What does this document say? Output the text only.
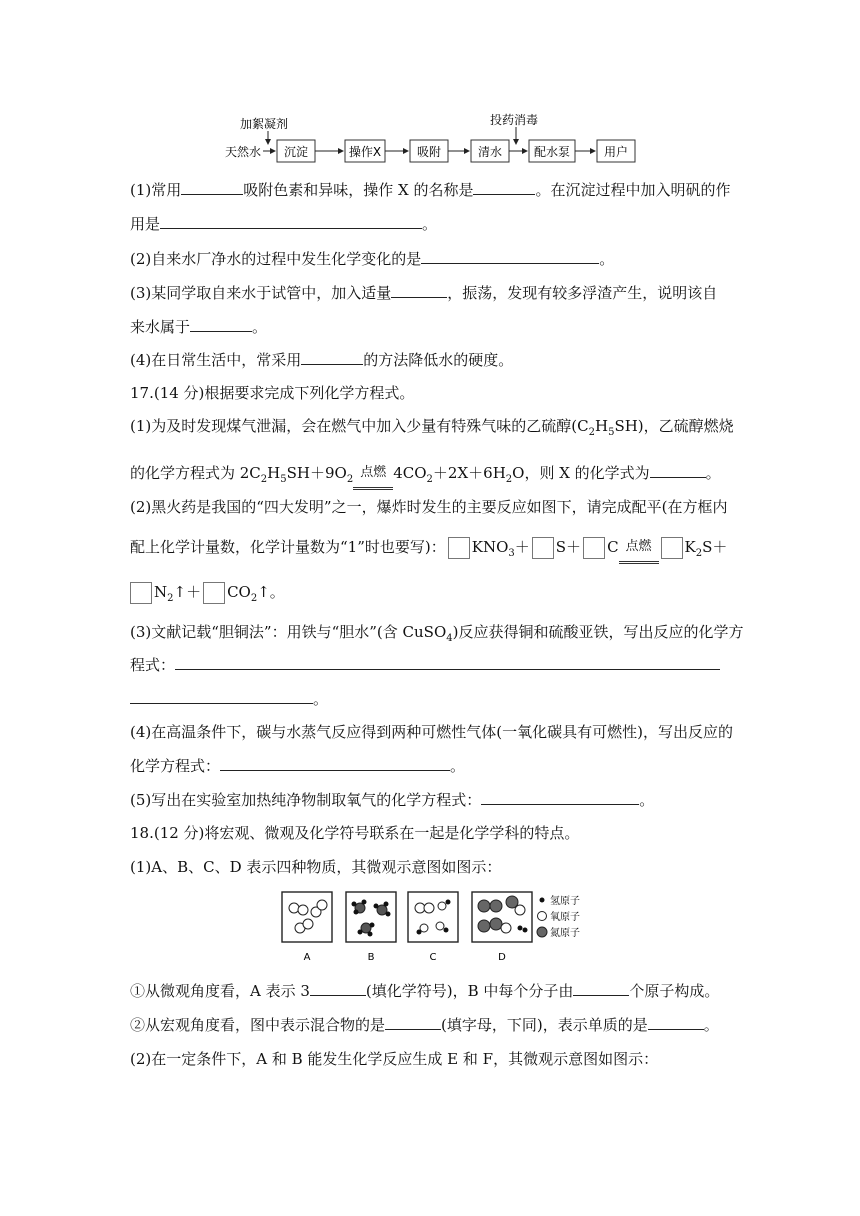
加絮凝剂	投药消毒
天然水 沉淀	操作X	吸附	清水	配水泵	用户
(1)常用	吸附色素和异味，操作 X 的名称是	。在沉淀过程中加入明矾的作
用是	。
(2)自来水厂净水的过程中发生化学变化的是	。
(3)某同学取自来水于试管中，加入适量	，振荡，发现有较多浮渣产生，说明该自
来水属于	。
(4)在日常生活中，常采用	的方法降低水的硬度。
17.(14 分)根据要求完成下列化学方程式。
(1)为及时发现煤气泄漏，会在燃气中加入少量有特殊气味的乙硫醇$(C_2H_5SH)$，乙硫醇燃烧
的化学方程式为 $2C_2H_5SH+9O_2$ 点燃 $4CO_2+2X+6H_2O$，则 X 的化学式为	。
(2)黑火药是我国的“四大发明”之一，爆炸时发生的主要反应如图下，请完成配平(在方框内
配上化学计量数，化学计量数为“1”时也要写)： $KNO_3+ S+ C$ 点燃	$K_2S+$
$N_2↑+$ $CO_2↑$。
(3)文献记载“胆铜法”：用铁与“胆水”(含 CuSO$_4$)反应获得铜和硫酸亚铁，写出反应的化学方
程式：
。
(4)在高温条件下，碳与水蒸气反应得到两种可燃性气体(一氧化碳具有可燃性)，写出反应的
化学方程式：	。
(5)写出在实验室加热纯净物制取氧气的化学方程式：	。
18.(12 分)将宏观、微观及化学符号联系在一起是化学学科的特点。
(1)A、B、C、D 表示四种物质，其微观示意图如图示：
A	B	C	D
氢原子
氧原子
氮原子
①从微观角度看，A 表示 3	(填化学符号)，B 中每个分子由	个原子构成。
②从宏观角度看，图中表示混合物的是	(填字母，下同)，表示单质的是	。
(2)在一定条件下，A 和 B 能发生化学反应生成 E 和 F，其微观示意图如图示：
